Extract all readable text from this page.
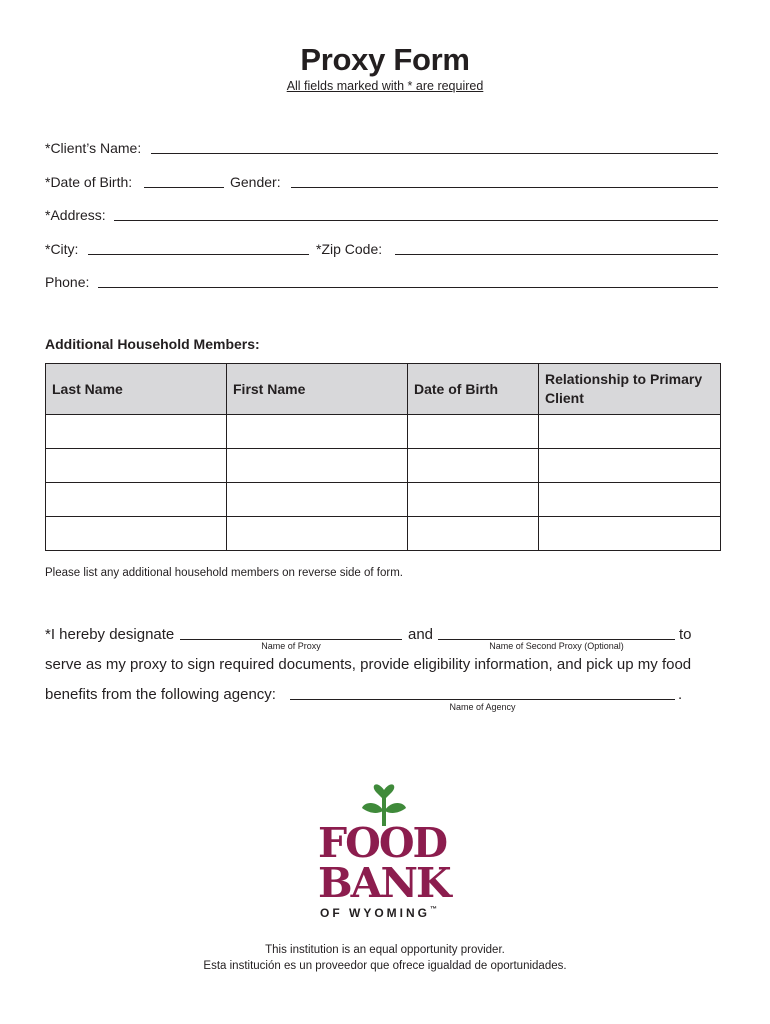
Proxy Form
All fields marked with * are required
*Client’s Name:
*Date of Birth:	Gender:
*Address:
*City:	*Zip Code:
Phone:
Additional Household Members:
Last Name	First Name	Date of Birth	Relationship to Primary Client

Please list any additional household members on reverse side of form.
*I hereby designate
Name of Proxy
and
Name of Second Proxy (Optional)
to
serve as my proxy to sign required documents, provide eligibility information, and pick up my food
benefits from the following agency:	.
Name of Agency
FOOD
BANK
OF WYOMING™
This institution is an equal opportunity provider.
Esta institución es un proveedor que ofrece igualdad de oportunidades.
